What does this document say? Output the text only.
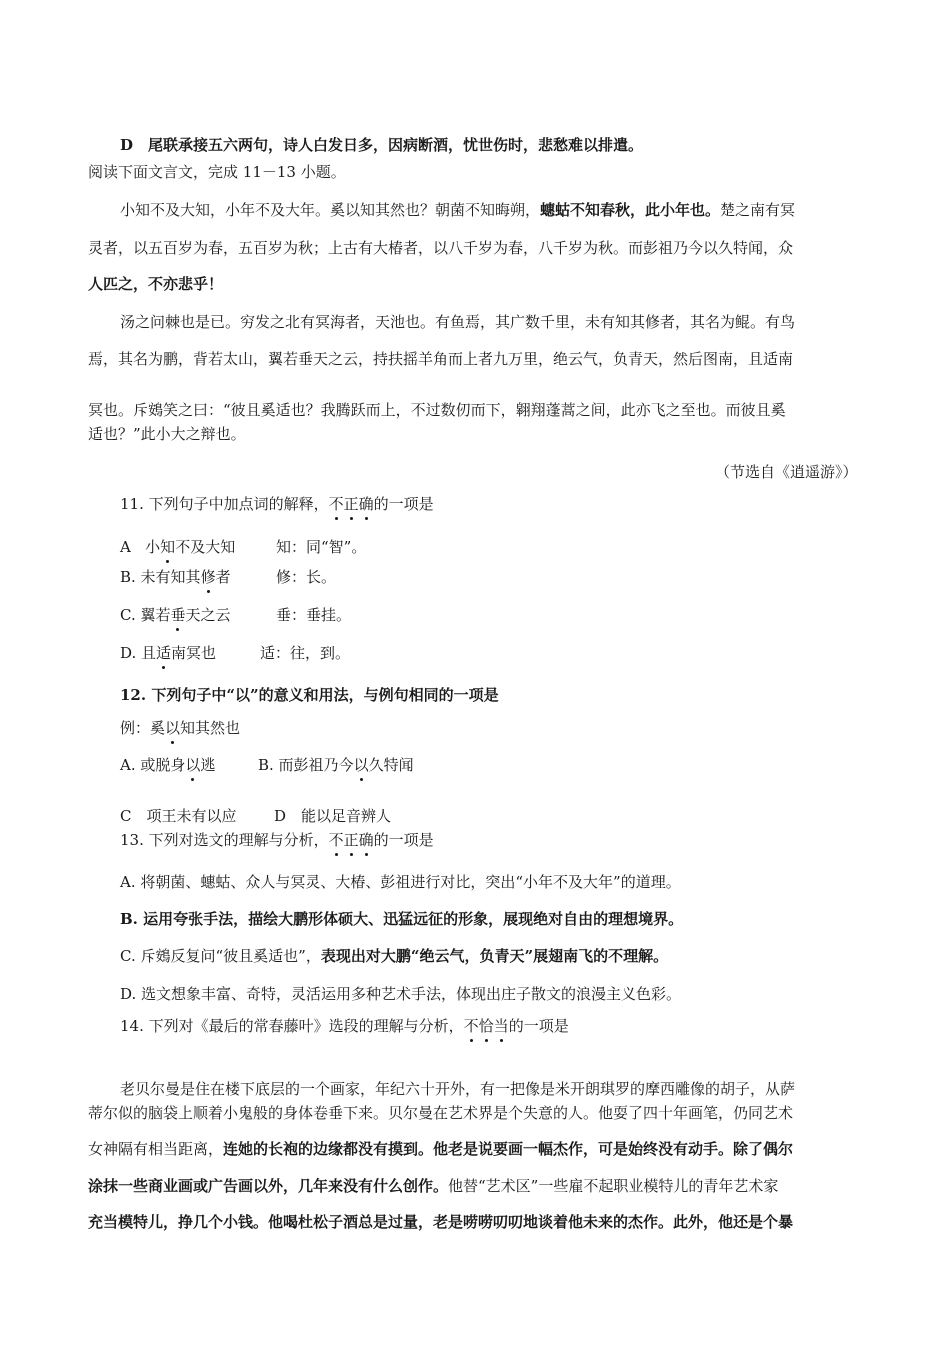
D　尾联承接五六两句，诗人白发日多，因病断酒，忧世伤时，悲愁难以排遣。
阅读下面文言文，完成 11－13 小题。
小知不及大知，小年不及大年。奚以知其然也？朝菌不知晦朔，蟪蛄不知春秋，此小年也。楚之南有冥
灵者，以五百岁为春，五百岁为秋；上古有大椿者，以八千岁为春，八千岁为秋。而彭祖乃今以久特闻，众
人匹之，不亦悲乎！
汤之问棘也是已。穷发之北有冥海者，天池也。有鱼焉，其广数千里，未有知其修者，其名为鲲。有鸟
焉，其名为鹏，背若太山，翼若垂天之云，持扶摇羊角而上者九万里，绝云气，负青天，然后图南，且适南
冥也。斥鴳笑之曰：“彼且奚适也？我腾跃而上，不过数仞而下，翱翔蓬蒿之间，此亦飞之至也。而彼且奚
适也？”此小大之辩也。
（节选自《逍遥游》）
11. 下列句子中加点词的解释，不正确的一项是
A 小知不及大知	知：同“智”。
B. 未有知其修者	修：长。
C. 翼若垂天之云	垂：垂挂。
D. 且适南冥也	适：往，到。
12. 下列句子中“以”的意义和用法，与例句相同的一项是
例：奚以知其然也
A. 或脱身以逃	B. 而彭祖乃今以久特闻
C　项王未有以应	D　能以足音辨人
13. 下列对选文的理解与分析，不正确的一项是
A. 将朝菌、蟪蛄、众人与冥灵、大椿、彭祖进行对比，突出“小年不及大年”的道理。
B. 运用夸张手法，描绘大鹏形体硕大、迅猛远征的形象，展现绝对自由的理想境界。
C. 斥鴳反复问“彼且奚适也”，表现出对大鹏“绝云气，负青天”展翅南飞的不理解。
D. 选文想象丰富、奇特，灵活运用多种艺术手法，体现出庄子散文的浪漫主义色彩。
14. 下列对《最后的常春藤叶》选段的理解与分析，不恰当的一项是
老贝尔曼是住在楼下底层的一个画家，年纪六十开外，有一把像是米开朗琪罗的摩西雕像的胡子，从萨
蒂尔似的脑袋上顺着小鬼般的身体卷垂下来。贝尔曼在艺术界是个失意的人。他耍了四十年画笔，仍同艺术
女神隔有相当距离，连她的长袍的边缘都没有摸到。他老是说要画一幅杰作，可是始终没有动手。除了偶尔
涂抹一些商业画或广告画以外，几年来没有什么创作。他替“艺术区”一些雇不起职业模特儿的青年艺术家
充当模特儿，挣几个小钱。他喝杜松子酒总是过量，老是唠唠叨叨地谈着他未来的杰作。此外，他还是个暴
